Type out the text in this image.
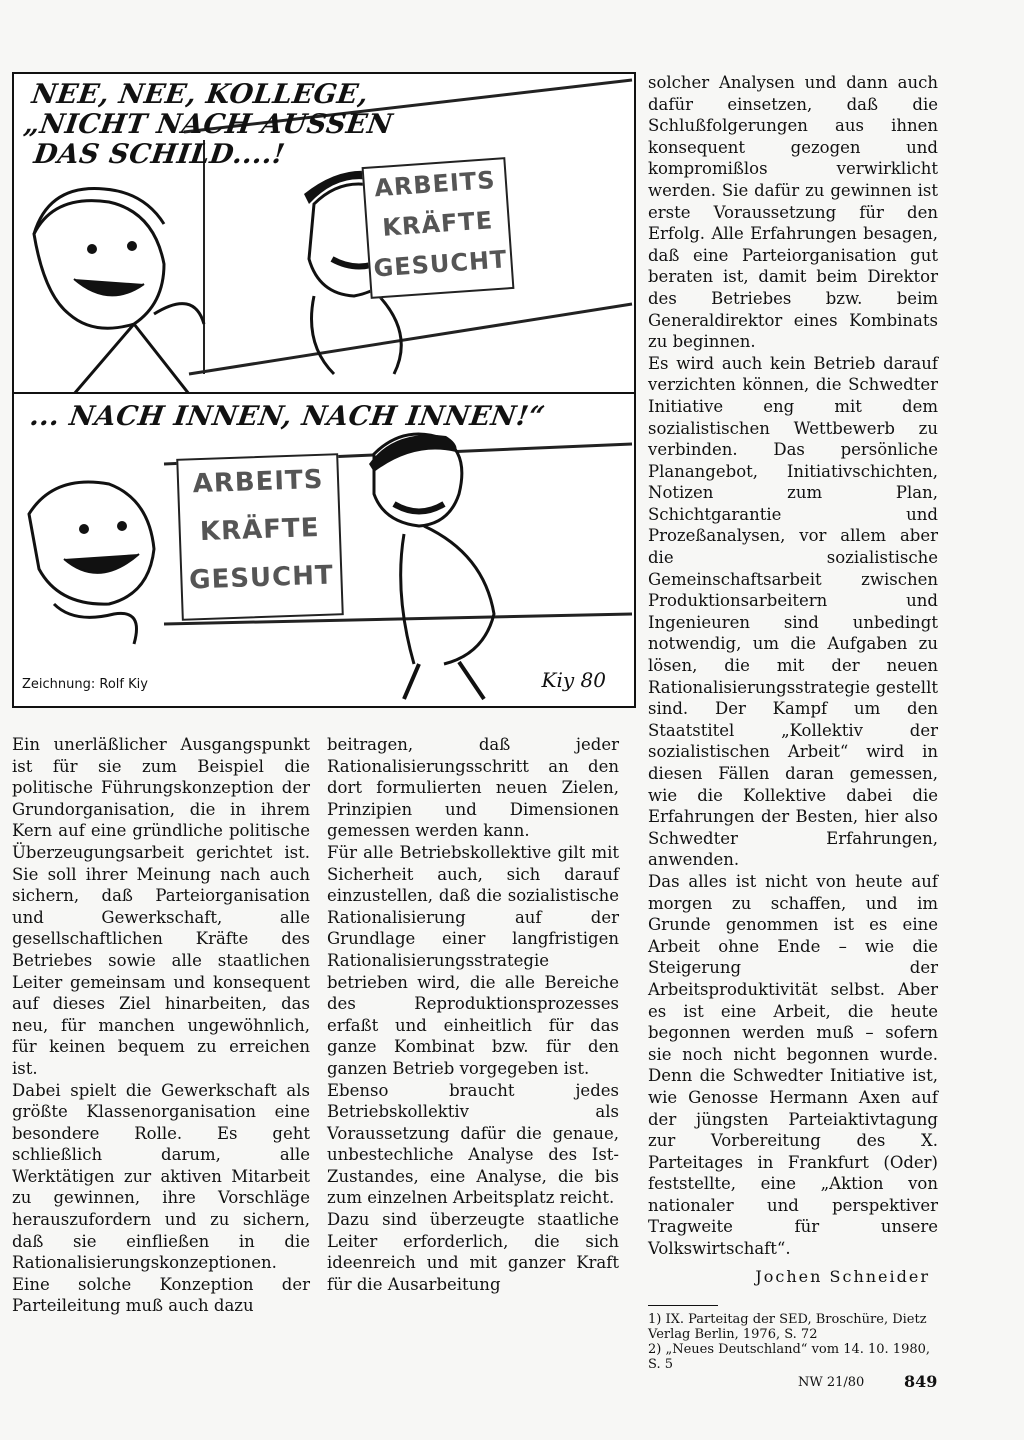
NEE, NEE, KOLLEGE,
„NICHT NACH AUSSEN
DAS SCHILD....!
ARBEITS
KRÄFTE
GESUCHT
... NACH INNEN, NACH INNEN!“
ARBEITS
KRÄFTE
GESUCHT
Zeichnung: Rolf Kiy	Kiy 80

solcher Analysen und dann auch dafür einsetzen, daß die Schlußfolgerungen aus ihnen konsequent gezogen und kompromißlos verwirklicht werden. Sie dafür zu gewinnen ist erste Voraussetzung für den Erfolg. Alle Erfahrungen besagen, daß eine Parteiorganisation gut beraten ist, damit beim Direktor des Betriebes bzw. beim Generaldirektor eines Kombinats zu beginnen.

Es wird auch kein Betrieb darauf verzichten können, die Schwedter Initiative eng mit dem sozialistischen Wettbewerb zu verbinden. Das persönliche Planangebot, Initiativschichten, Notizen zum Plan, Schichtgarantie und Prozeßanalysen, vor allem aber die sozialistische Gemeinschaftsarbeit zwischen Produktionsarbeitern und Ingenieuren sind unbedingt notwendig, um die Aufgaben zu lösen, die mit der neuen Rationalisierungsstrategie gestellt sind. Der Kampf um den Staatstitel „Kollektiv der sozialistischen Arbeit“ wird in diesen Fällen daran gemessen, wie die Kollektive dabei die Erfahrungen der Besten, hier also Schwedter Erfahrungen, anwenden.

Das alles ist nicht von heute auf morgen zu schaffen, und im Grunde genommen ist es eine Arbeit ohne Ende – wie die Steigerung der Arbeitsproduktivität selbst. Aber es ist eine Arbeit, die heute begonnen werden muß – sofern sie noch nicht begonnen wurde. Denn die Schwedter Initiative ist, wie Genosse Hermann Axen auf der jüngsten Parteiaktivtagung zur Vorbereitung des X. Parteitages in Frankfurt (Oder) feststellte, eine „Aktion von nationaler und perspektiver Tragweite für unsere Volkswirtschaft“.

Jochen Schneider
1) IX. Parteitag der SED, Broschüre, Dietz Verlag Berlin, 1976, S. 72
2) „Neues Deutschland“ vom 14. 10. 1980, S. 5

Ein unerläßlicher Ausgangspunkt ist für sie zum Beispiel die politische Führungskonzeption der Grundorganisation, die in ihrem Kern auf eine gründliche politische Überzeugungsarbeit gerichtet ist. Sie soll ihrer Meinung nach auch sichern, daß Parteiorganisation und Gewerkschaft, alle gesellschaftlichen Kräfte des Betriebes sowie alle staatlichen Leiter gemeinsam und konsequent auf dieses Ziel hinarbeiten, das neu, für manchen ungewöhnlich, für keinen bequem zu erreichen ist.

Dabei spielt die Gewerkschaft als größte Klassenorganisation eine besondere Rolle. Es geht schließlich darum, alle Werktätigen zur aktiven Mitarbeit zu gewinnen, ihre Vorschläge herauszufordern und zu sichern, daß sie einfließen in die Rationalisierungskonzeptionen.

Eine solche Konzeption der Parteileitung muß auch dazu

beitragen, daß jeder Rationalisierungsschritt an den dort formulierten neuen Zielen, Prinzipien und Dimensionen gemessen werden kann.

Für alle Betriebskollektive gilt mit Sicherheit auch, sich darauf einzustellen, daß die sozialistische Rationalisierung auf der Grundlage einer langfristigen Rationalisierungsstrategie betrieben wird, die alle Bereiche des Reproduktionsprozesses erfaßt und einheitlich für das ganze Kombinat bzw. für den ganzen Betrieb vorgegeben ist.

Ebenso braucht jedes Betriebskollektiv als Voraussetzung dafür die genaue, unbestechliche Analyse des Ist-Zustandes, eine Analyse, die bis zum einzelnen Arbeitsplatz reicht.

Dazu sind überzeugte staatliche Leiter erforderlich, die sich ideenreich und mit ganzer Kraft für die Ausarbeitung

NW 21/80 849
